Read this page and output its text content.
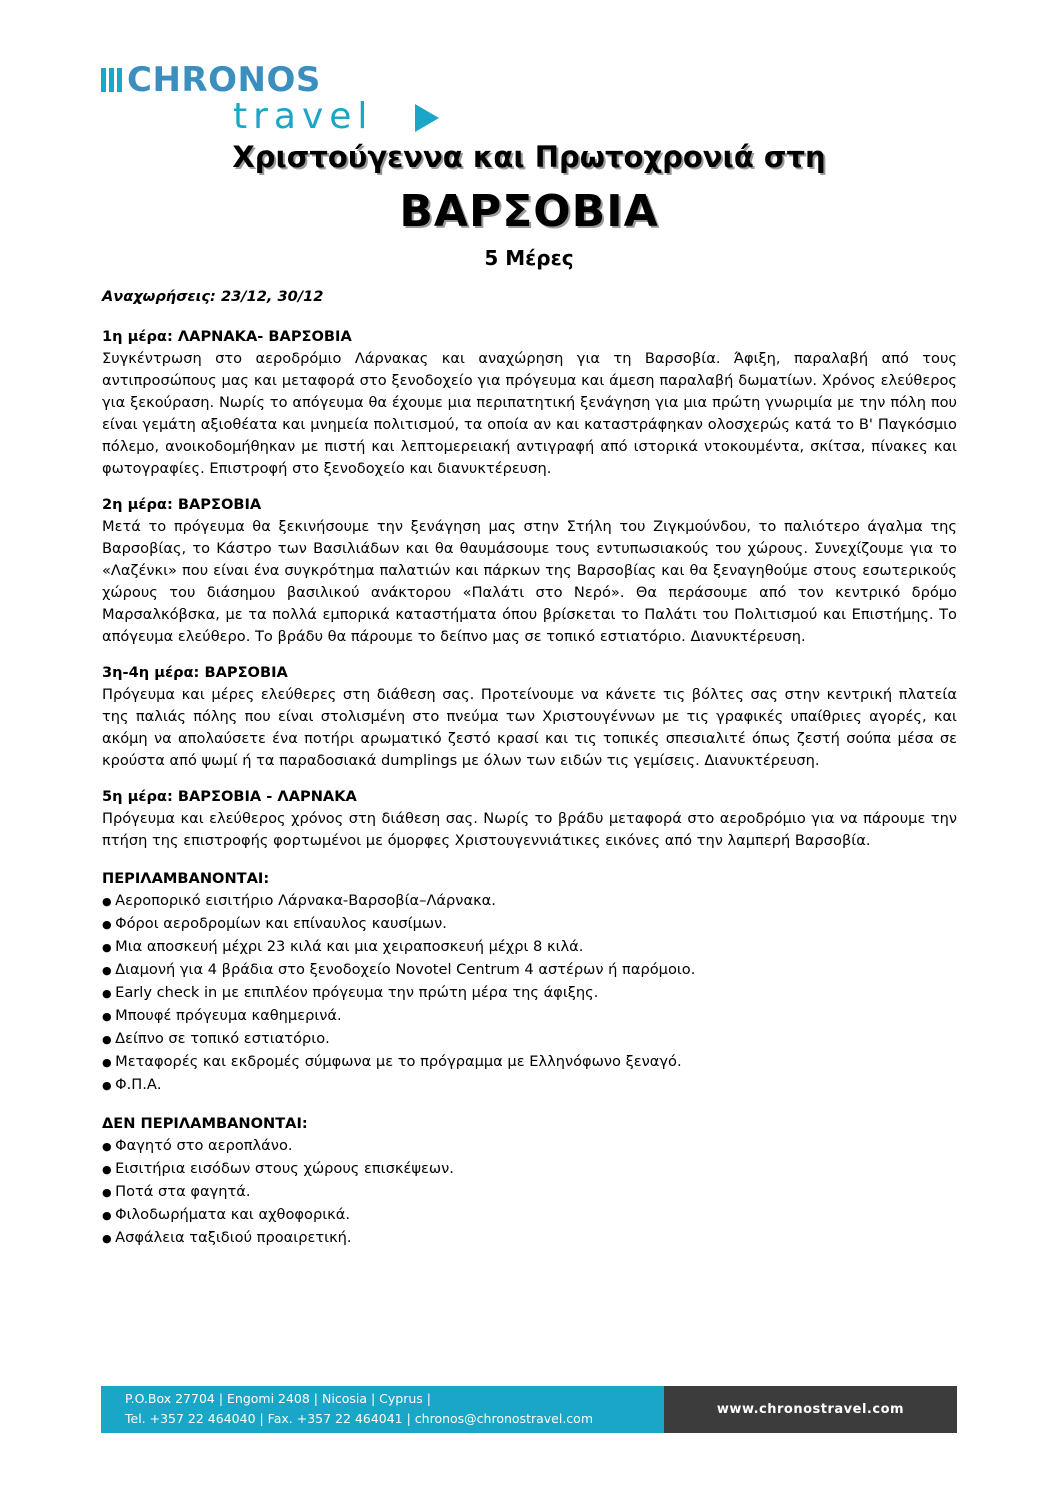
CHRONOS
travel
Χριστούγεννα και Πρωτοχρονιά στη
ΒΑΡΣΟΒΙΑ
5 Μέρες

Αναχωρήσεις: 23/12, 30/12

1η μέρα: ΛΑΡΝΑΚΑ- ΒΑΡΣΟΒΙΑ

Συγκέντρωση στο αεροδρόμιο Λάρνακας και αναχώρηση για τη Βαρσοβία. Άφιξη, παραλαβή από τους αντιπροσώπους μας και μεταφορά στο ξενοδοχείο για πρόγευμα και άμεση παραλαβή δωματίων. Χρόνος ελεύθερος για ξεκούραση. Νωρίς το απόγευμα θα έχουμε μια περιπατητική ξενάγηση για μια πρώτη γνωριμία με την πόλη που είναι γεμάτη αξιοθέατα και μνημεία πολιτισμού, τα οποία αν και καταστράφηκαν ολοσχερώς κατά το Β' Παγκόσμιο πόλεμο, ανοικοδομήθηκαν με πιστή και λεπτομερειακή αντιγραφή από ιστορικά ντοκουμέντα, σκίτσα, πίνακες και φωτογραφίες. Επιστροφή στο ξενοδοχείο και διανυκτέρευση.

2η μέρα: ΒΑΡΣΟΒΙΑ

Μετά το πρόγευμα θα ξεκινήσουμε την ξενάγηση μας στην Στήλη του Ζιγκμούνδου, το παλιότερο άγαλμα της Βαρσοβίας, το Κάστρο των Βασιλιάδων και θα θαυμάσουμε τους εντυπωσιακούς του χώρους. Συνεχίζουμε για το «Λαζένκι» που είναι ένα συγκρότημα παλατιών και πάρκων της Βαρσοβίας και θα ξεναγηθούμε στους εσωτερικούς χώρους του διάσημου βασιλικού ανάκτορου «Παλάτι στο Νερό». Θα περάσουμε από τον κεντρικό δρόμο Μαρσαλκόβσκα, με τα πολλά εμπορικά καταστήματα όπου βρίσκεται το Παλάτι του Πολιτισμού και Επιστήμης. Το απόγευμα ελεύθερο. Το βράδυ θα πάρουμε το δείπνο μας σε τοπικό εστιατόριο. Διανυκτέρευση.

3η-4η μέρα: ΒΑΡΣΟΒΙΑ

Πρόγευμα και μέρες ελεύθερες στη διάθεση σας. Προτείνουμε να κάνετε τις βόλτες σας στην κεντρική πλατεία της παλιάς πόλης που είναι στολισμένη στο πνεύμα των Χριστουγέννων με τις γραφικές υπαίθριες αγορές, και ακόμη να απολαύσετε ένα ποτήρι αρωματικό ζεστό κρασί και τις τοπικές σπεσιαλιτέ όπως ζεστή σούπα μέσα σε κρούστα από ψωμί ή τα παραδοσιακά dumplings με όλων των ειδών τις γεμίσεις. Διανυκτέρευση.

5η μέρα: ΒΑΡΣΟΒΙΑ - ΛΑΡΝΑΚΑ

Πρόγευμα και ελεύθερος χρόνος στη διάθεση σας. Νωρίς το βράδυ μεταφορά στο αεροδρόμιο για να πάρουμε την πτήση της επιστροφής φορτωμένοι με όμορφες Χριστουγεννιάτικες εικόνες από την λαμπερή Βαρσοβία.

ΠΕΡΙΛΑΜΒΑΝΟΝΤΑΙ:
● Αεροπορικό εισιτήριο Λάρνακα-Βαρσοβία–Λάρνακα.
● Φόροι αεροδρομίων και επίναυλος καυσίμων.
● Μια αποσκευή μέχρι 23 κιλά και μια χειραποσκευή μέχρι 8 κιλά.
● Διαμονή για 4 βράδια στο ξενοδοχείο Novotel Centrum 4 αστέρων ή παρόμοιο.
● Early check in με επιπλέον πρόγευμα την πρώτη μέρα της άφιξης.
● Μπουφέ πρόγευμα καθημερινά.
● Δείπνο σε τοπικό εστιατόριο.
● Μεταφορές και εκδρομές σύμφωνα με το πρόγραμμα με Ελληνόφωνο ξεναγό.
● Φ.Π.Α.
ΔΕΝ ΠΕΡΙΛΑΜΒΑΝΟΝΤΑΙ:
● Φαγητό στο αεροπλάνο.
● Εισιτήρια εισόδων στους χώρους επισκέψεων.
● Ποτά στα φαγητά.
● Φιλοδωρήματα και αχθοφορικά.
● Ασφάλεια ταξιδιού προαιρετική.
P.O.Box 27704 | Engomi 2408 | Nicosia | Cyprus |
Tel. +357 22 464040 | Fax. +357 22 464041 | chronos@chronostravel.com
www.chronostravel.com
